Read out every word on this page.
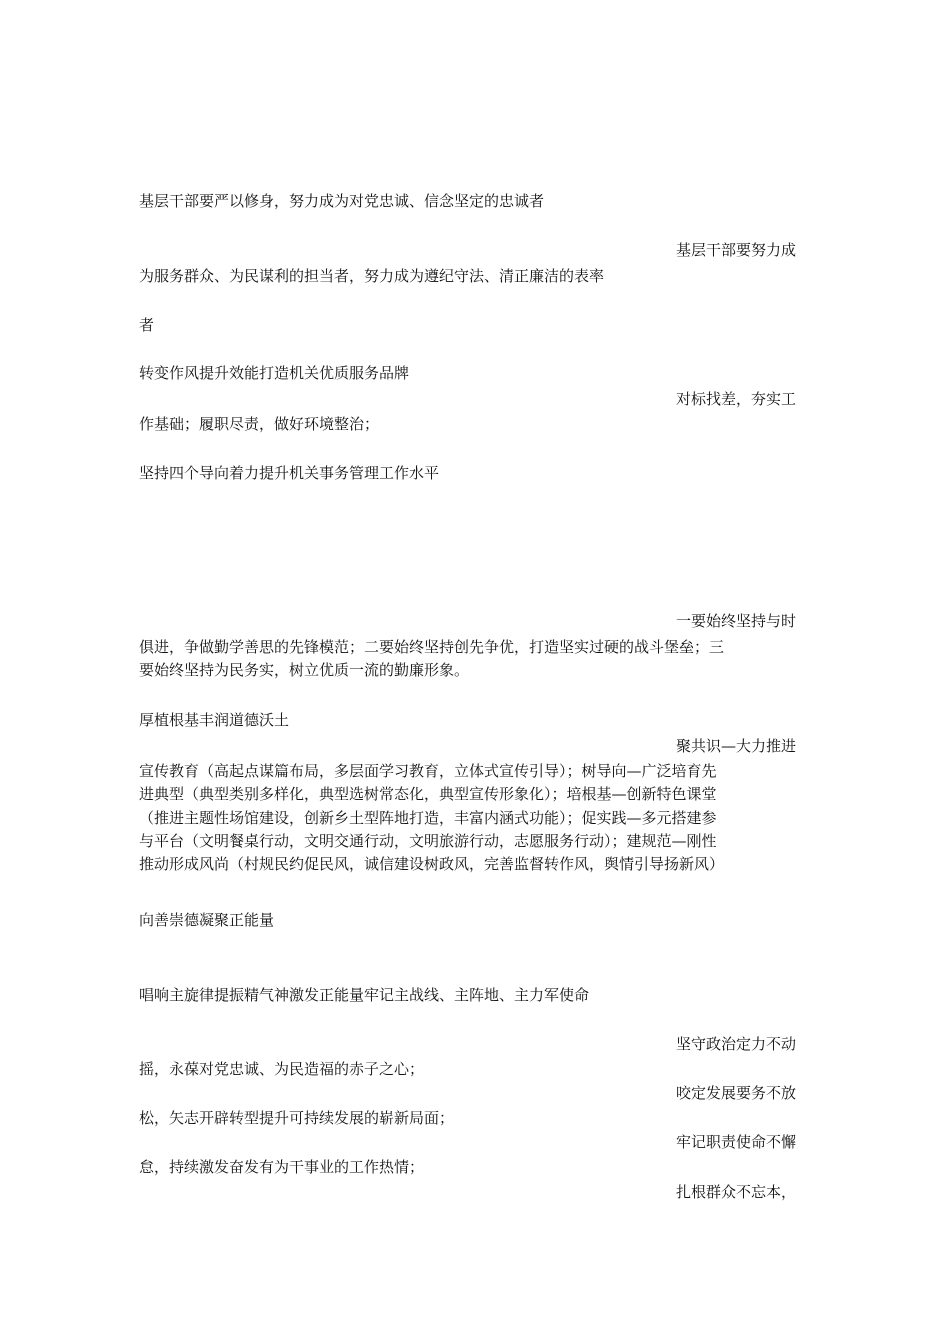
基层干部要严以修身，努力成为对党忠诚、信念坚定的忠诚者

基层干部要努力成

为服务群众、为民谋利的担当者，努力成为遵纪守法、清正廉洁的表率

者

转变作风提升效能打造机关优质服务品牌

对标找差，夯实工

作基础；履职尽责，做好环境整治；

坚持四个导向着力提升机关事务管理工作水平

一要始终坚持与时

俱进，争做勤学善思的先锋模范；二要始终坚持创先争优，打造坚实过硬的战斗堡垒；三
要始终坚持为民务实，树立优质一流的勤廉形象。

厚植根基丰润道德沃土

聚共识—大力推进

宣传教育（高起点谋篇布局，多层面学习教育，立体式宣传引导）；树导向—广泛培育先
进典型（典型类别多样化，典型选树常态化，典型宣传形象化）；培根基—创新特色课堂
（推进主题性场馆建设，创新乡土型阵地打造，丰富内涵式功能）；促实践—多元搭建参
与平台（文明餐桌行动，文明交通行动，文明旅游行动，志愿服务行动）；建规范—刚性
推动形成风尚（村规民约促民风，诚信建设树政风，完善监督转作风，舆情引导扬新风）

向善崇德凝聚正能量

唱响主旋律提振精气神激发正能量牢记主战线、主阵地、主力军使命

坚守政治定力不动

摇，永葆对党忠诚、为民造福的赤子之心；

咬定发展要务不放

松，矢志开辟转型提升可持续发展的崭新局面；

牢记职责使命不懈

怠，持续激发奋发有为干事业的工作热情；

扎根群众不忘本，
